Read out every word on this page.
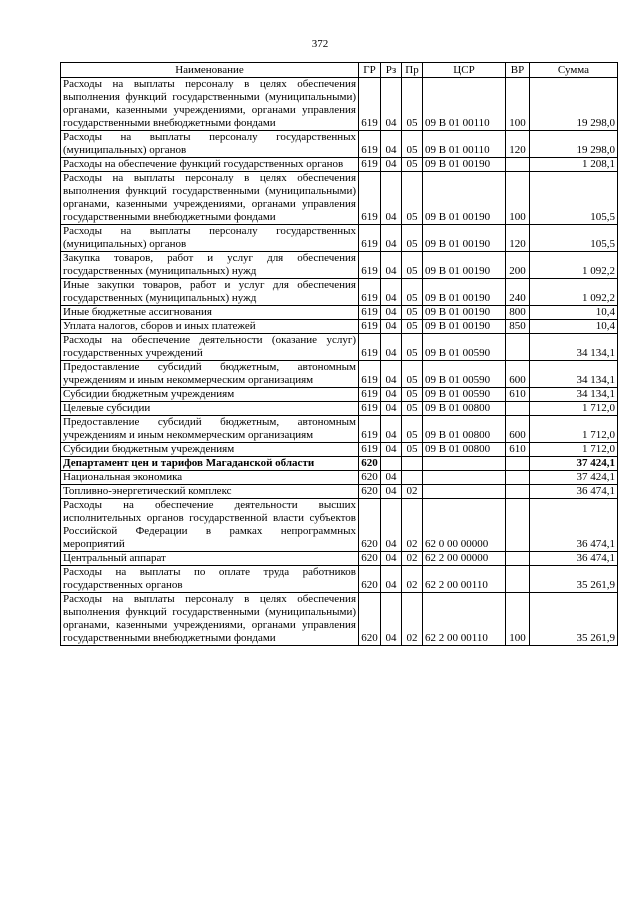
372
Наименование	ГР	Рз	Пр	ЦСР	ВР	Сумма
Расходы на выплаты персоналу в целях обеспечения выполнения функций государственными (муниципальными) органами, казенными учреждениями, органами управления государственными внебюджетными фондами	619	04	05	09 В 01 00110	100	19 298,0
Расходы на выплаты персоналу государственных (муниципальных) органов	619	04	05	09 В 01 00110	120	19 298,0
Расходы на обеспечение функций государственных органов	619	04	05	09 В 01 00190		1 208,1
Расходы на выплаты персоналу в целях обеспечения выполнения функций государственными (муниципальными) органами, казенными учреждениями, органами управления государственными внебюджетными фондами	619	04	05	09 В 01 00190	100	105,5
Расходы на выплаты персоналу государственных (муниципальных) органов	619	04	05	09 В 01 00190	120	105,5
Закупка товаров, работ и услуг для обеспечения государственных (муниципальных) нужд	619	04	05	09 В 01 00190	200	1 092,2
Иные закупки товаров, работ и услуг для обеспечения государственных (муниципальных) нужд	619	04	05	09 В 01 00190	240	1 092,2
Иные бюджетные ассигнования	619	04	05	09 В 01 00190	800	10,4
Уплата налогов, сборов и иных платежей	619	04	05	09 В 01 00190	850	10,4
Расходы на обеспечение деятельности (оказание услуг) государственных учреждений	619	04	05	09 В 01 00590		34 134,1
Предоставление субсидий бюджетным, автономным учреждениям и иным некоммерческим организациям	619	04	05	09 В 01 00590	600	34 134,1
Субсидии бюджетным учреждениям	619	04	05	09 В 01 00590	610	34 134,1
Целевые субсидии	619	04	05	09 В 01 00800		1 712,0
Предоставление субсидий бюджетным, автономным учреждениям и иным некоммерческим организациям	619	04	05	09 В 01 00800	600	1 712,0
Субсидии бюджетным учреждениям	619	04	05	09 В 01 00800	610	1 712,0
Департамент цен и тарифов Магаданской области	620					37 424,1
Национальная экономика	620	04				37 424,1
Топливно-энергетический комплекс	620	04	02			36 474,1
Расходы на обеспечение деятельности высших исполнительных органов государственной власти субъектов Российской Федерации в рамках непрограммных мероприятий	620	04	02	62 0 00 00000		36 474,1
Центральный аппарат	620	04	02	62 2 00 00000		36 474,1
Расходы на выплаты по оплате труда работников государственных органов	620	04	02	62 2 00 00110		35 261,9
Расходы на выплаты персоналу в целях обеспечения выполнения функций государственными (муниципальными) органами, казенными учреждениями, органами управления государственными внебюджетными фондами	620	04	02	62 2 00 00110	100	35 261,9
